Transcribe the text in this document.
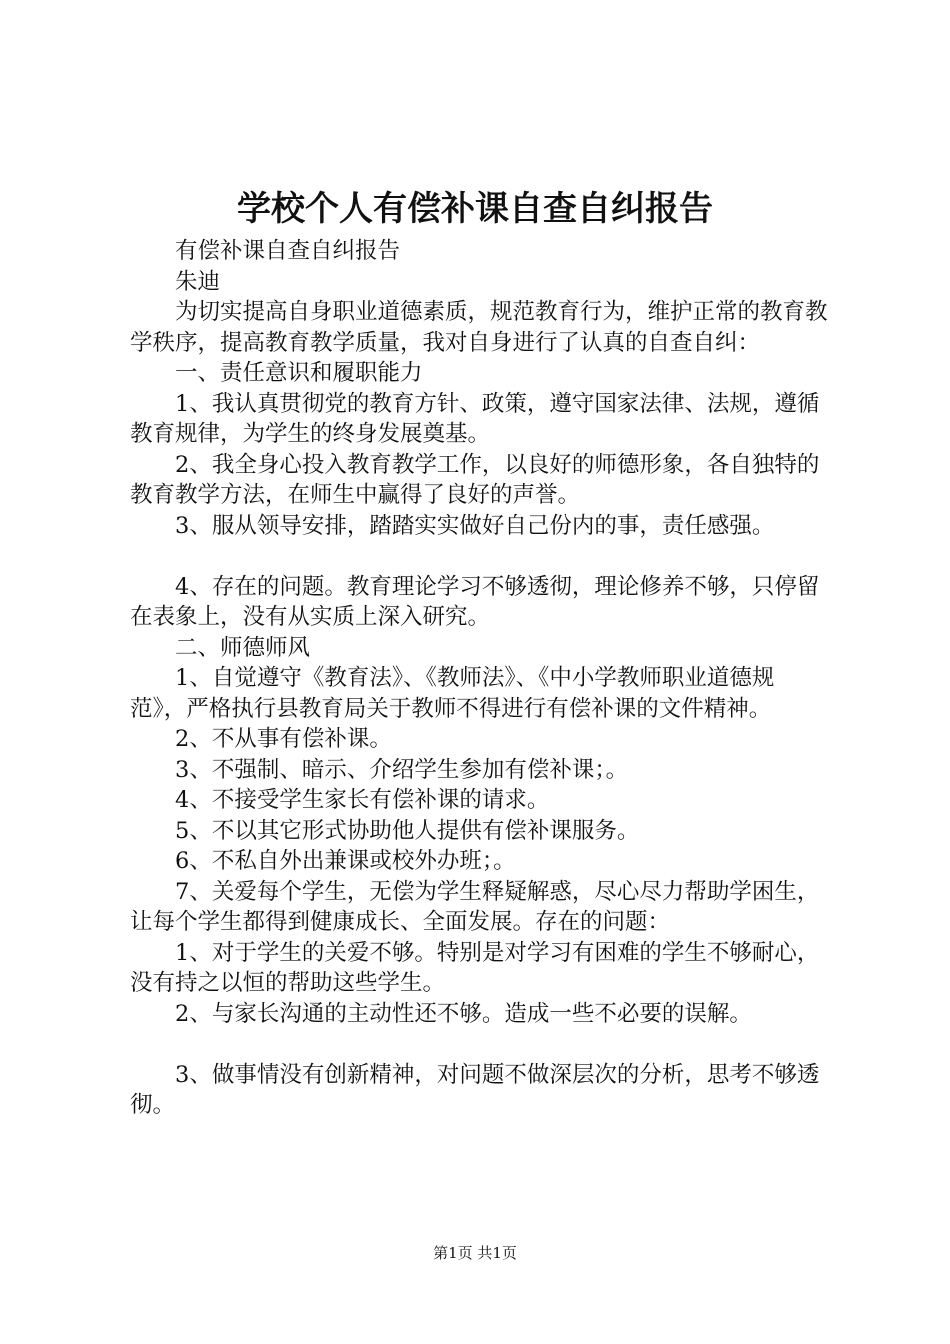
学校个人有偿补课自查自纠报告

有偿补课自查自纠报告

朱迪

为切实提高自身职业道德素质，规范教育行为，维护正常的教育教学秩序，提高教育教学质量，我对自身进行了认真的自查自纠：

一、责任意识和履职能力

1、我认真贯彻党的教育方针、政策，遵守国家法律、法规，遵循教育规律，为学生的终身发展奠基。

2、我全身心投入教育教学工作，以良好的师德形象，各自独特的教育教学方法，在师生中赢得了良好的声誉。

3、服从领导安排，踏踏实实做好自己份内的事，责任感强。

4、存在的问题。教育理论学习不够透彻，理论修养不够，只停留在表象上，没有从实质上深入研究。

二、师德师风

1、自觉遵守《教育法》、《教师法》、《中小学教师职业道德规范》，严格执行县教育局关于教师不得进行有偿补课的文件精神。

2、不从事有偿补课。

3、不强制、暗示、介绍学生参加有偿补课；。

4、不接受学生家长有偿补课的请求。

5、不以其它形式协助他人提供有偿补课服务。

6、不私自外出兼课或校外办班；。

7、关爱每个学生，无偿为学生释疑解惑，尽心尽力帮助学困生，让每个学生都得到健康成长、全面发展。存在的问题：

1、对于学生的关爱不够。特别是对学习有困难的学生不够耐心，没有持之以恒的帮助这些学生。

2、与家长沟通的主动性还不够。造成一些不必要的误解。

3、做事情没有创新精神，对问题不做深层次的分析，思考不够透彻。

第1页 共1页
